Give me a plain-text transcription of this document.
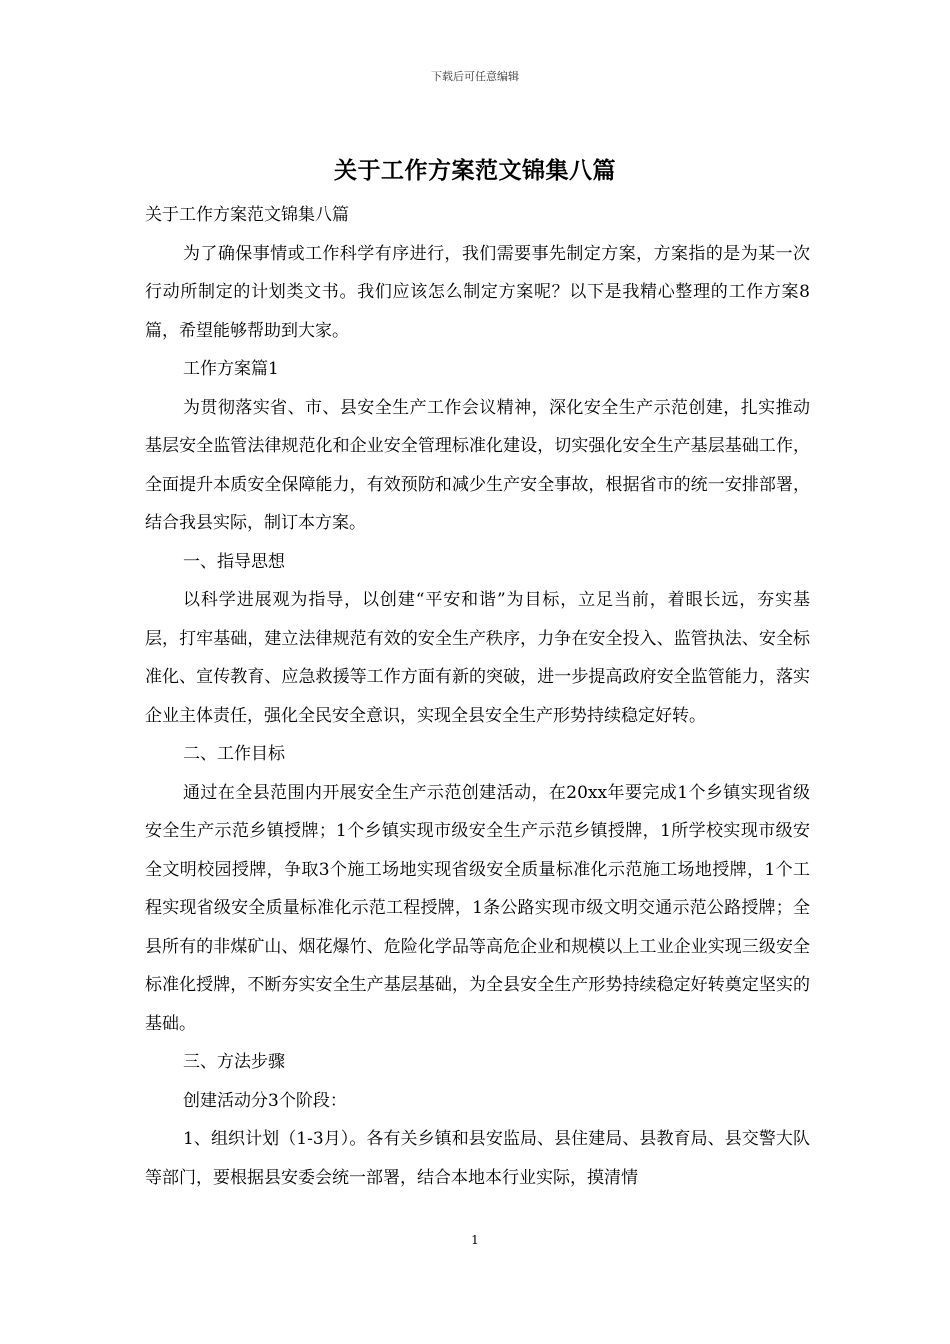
下载后可任意编辑
关于工作方案范文锦集八篇

关于工作方案范文锦集八篇

为了确保事情或工作科学有序进行，我们需要事先制定方案，方案指的是为某一次行动所制定的计划类文书。我们应该怎么制定方案呢？以下是我精心整理的工作方案8篇，希望能够帮助到大家。

工作方案篇1

为贯彻落实省、市、县安全生产工作会议精神，深化安全生产示范创建，扎实推动基层安全监管法律规范化和企业安全管理标准化建设，切实强化安全生产基层基础工作，全面提升本质安全保障能力，有效预防和减少生产安全事故，根据省市的统一安排部署，结合我县实际，制订本方案。

一、指导思想

以科学进展观为指导，以创建“平安和谐”为目标，立足当前，着眼长远，夯实基层，打牢基础，建立法律规范有效的安全生产秩序，力争在安全投入、监管执法、安全标准化、宣传教育、应急救援等工作方面有新的突破，进一步提高政府安全监管能力，落实企业主体责任，强化全民安全意识，实现全县安全生产形势持续稳定好转。

二、工作目标

通过在全县范围内开展安全生产示范创建活动，在20xx年要完成1个乡镇实现省级安全生产示范乡镇授牌；1个乡镇实现市级安全生产示范乡镇授牌，1所学校实现市级安全文明校园授牌，争取3个施工场地实现省级安全质量标准化示范施工场地授牌，1个工程实现省级安全质量标准化示范工程授牌，1条公路实现市级文明交通示范公路授牌；全县所有的非煤矿山、烟花爆竹、危险化学品等高危企业和规模以上工业企业实现三级安全标准化授牌，不断夯实安全生产基层基础，为全县安全生产形势持续稳定好转奠定坚实的基础。

三、方法步骤

创建活动分3个阶段：

1、组织计划（1-3月）。各有关乡镇和县安监局、县住建局、县教育局、县交警大队等部门，要根据县安委会统一部署，结合本地本行业实际，摸清情

1
